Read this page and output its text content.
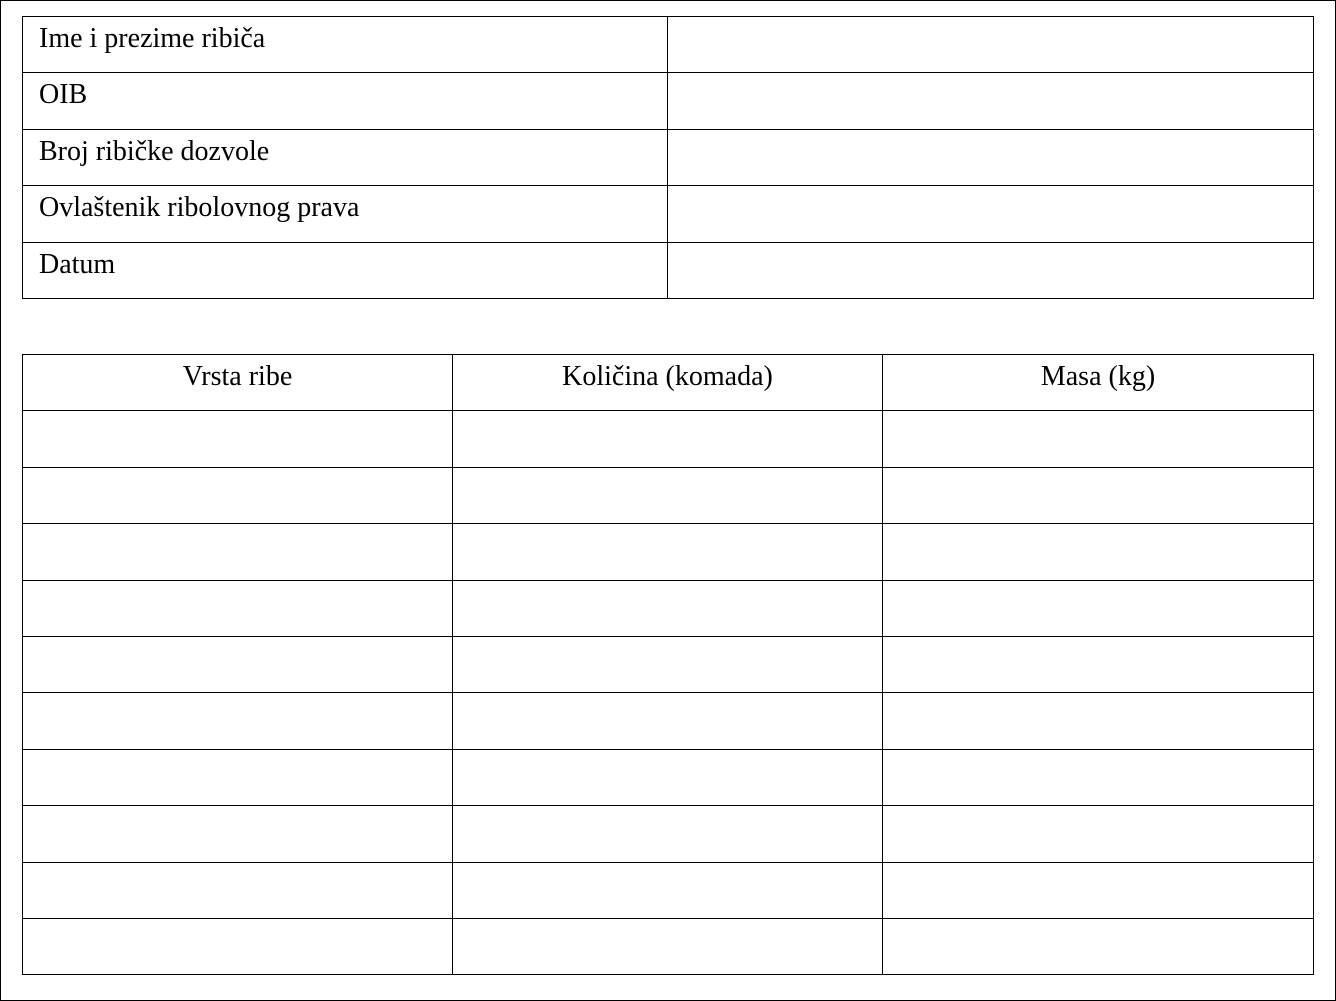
Ime i prezime ribiča	
OIB	
Broj ribičke dozvole	
Ovlaštenik ribolovnog prava	
Datum	
Vrsta ribe	Količina (komada)	Masa (kg)
